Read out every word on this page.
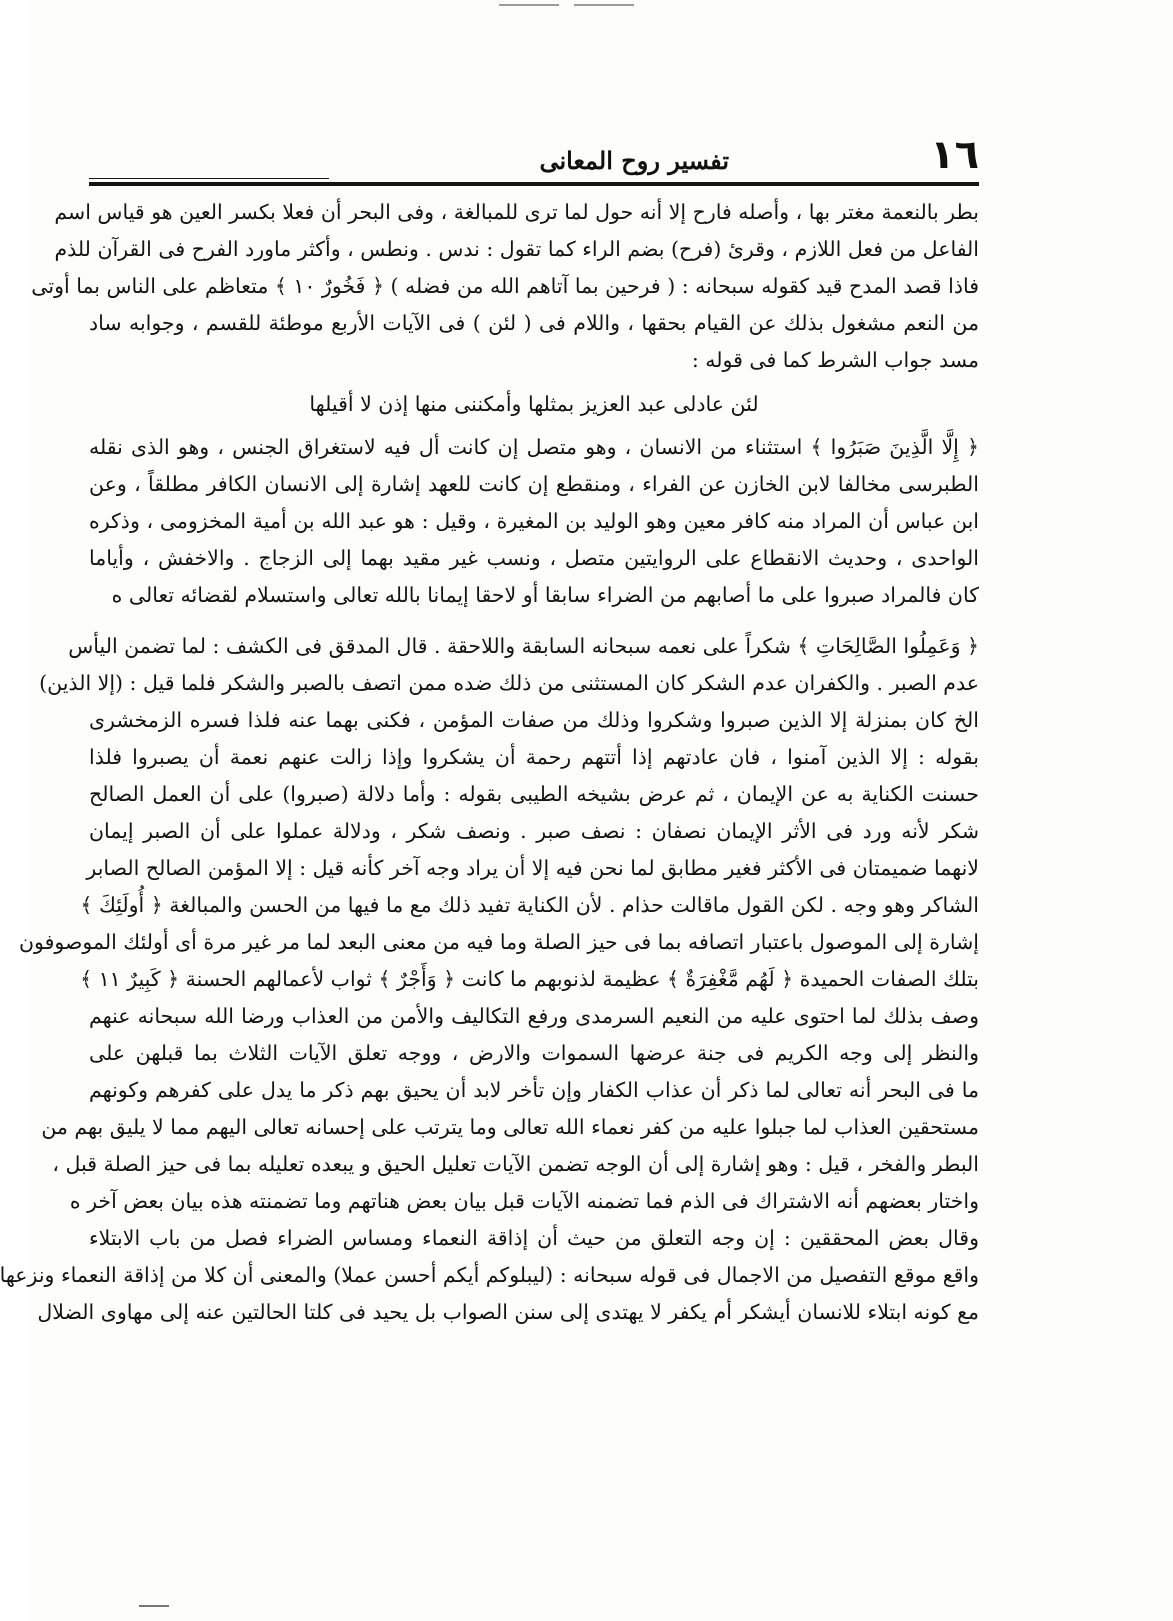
١٦
تفسير روح المعانى
بطر بالنعمة مغتر بها ، وأصله فارح إلا أنه حول لما ترى للمبالغة ، وفى البحر أن فعلا بكسر العين هو قياس اسم
الفاعل من فعل اللازم ، وقرئ (فرح) بضم الراء كما تقول : ندس . ونطس ، وأكثر ماورد الفرح فى القرآن للذم
فاذا قصد المدح قيد كقوله سبحانه : ( فرحين بما آتاهم الله من فضله ) ﴿ فَخُورٌ ١٠ ﴾ متعاظم على الناس بما أوتى
من النعم مشغول بذلك عن القيام بحقها ، واللام فى ( لئن ) فى الآيات الأربع موطئة للقسم ، وجوابه ساد
مسد جواب الشرط كما فى قوله :
لئن عادلى عبد العزيز بمثلها وأمكننى منها إذن لا أقيلها
﴿ إِلَّا الَّذِينَ صَبَرُوا ﴾ استثناء من الانسان ، وهو متصل إن كانت أل فيه لاستغراق الجنس ، وهو الذى نقله
الطبرسى مخالفا لابن الخازن عن الفراء ، ومنقطع إن كانت للعهد إشارة إلى الانسان الكافر مطلقاً ، وعن
ابن عباس أن المراد منه كافر معين وهو الوليد بن المغيرة ، وقيل : هو عبد الله بن أمية المخزومى ، وذكره
الواحدى ، وحديث الانقطاع على الروايتين متصل ، ونسب غير مقيد بهما إلى الزجاج . والاخفش ، وأياما
كان فالمراد صبروا على ما أصابهم من الضراء سابقا أو لاحقا إيمانا بالله تعالى واستسلام لقضائه تعالى ه
﴿ وَعَمِلُوا الصَّالِحَاتِ ﴾ شكراً على نعمه سبحانه السابقة واللاحقة . قال المدقق فى الكشف : لما تضمن اليأس
عدم الصبر . والكفران عدم الشكر كان المستثنى من ذلك ضده ممن اتصف بالصبر والشكر فلما قيل : (إلا الذين)
الخ كان بمنزلة إلا الذين صبروا وشكروا وذلك من صفات المؤمن ، فكنى بهما عنه فلذا فسره الزمخشرى
بقوله : إلا الذين آمنوا ، فان عادتهم إذا أتتهم رحمة أن يشكروا وإذا زالت عنهم نعمة أن يصبروا فلذا
حسنت الكناية به عن الإيمان ، ثم عرض بشيخه الطيبى بقوله : وأما دلالة (صبروا) على أن العمل الصالح
شكر لأنه ورد فى الأثر الإيمان نصفان : نصف صبر . ونصف شكر ، ودلالة عملوا على أن الصبر إيمان
لانهما ضميمتان فى الأكثر فغير مطابق لما نحن فيه إلا أن يراد وجه آخر كأنه قيل : إلا المؤمن الصالح الصابر
الشاكر وهو وجه . لكن القول ماقالت حذام . لأن الكناية تفيد ذلك مع ما فيها من الحسن والمبالغة ﴿ أُولَئِكَ ﴾
إشارة إلى الموصول باعتبار اتصافه بما فى حيز الصلة وما فيه من معنى البعد لما مر غير مرة أى أولئك الموصوفون
بتلك الصفات الحميدة ﴿ لَهُم مَّغْفِرَةٌ ﴾ عظيمة لذنوبهم ما كانت ﴿ وَأَجْرٌ ﴾ ثواب لأعمالهم الحسنة ﴿ كَبِيرٌ ١١ ﴾
وصف بذلك لما احتوى عليه من النعيم السرمدى ورفع التكاليف والأمن من العذاب ورضا الله سبحانه عنهم
والنظر إلى وجه الكريم فى جنة عرضها السموات والارض ، ووجه تعلق الآيات الثلاث بما قبلهن على
ما فى البحر أنه تعالى لما ذكر أن عذاب الكفار وإن تأخر لابد أن يحيق بهم ذكر ما يدل على كفرهم وكونهم
مستحقين العذاب لما جبلوا عليه من كفر نعماء الله تعالى وما يترتب على إحسانه تعالى اليهم مما لا يليق بهم من
البطر والفخر ، قيل : وهو إشارة إلى أن الوجه تضمن الآيات تعليل الحيق و يبعده تعليله بما فى حيز الصلة قبل ،
واختار بعضهم أنه الاشتراك فى الذم فما تضمنه الآيات قبل بيان بعض هناتهم وما تضمنته هذه بيان بعض آخر ه
وقال بعض المحققين : إن وجه التعلق من حيث أن إذاقة النعماء ومساس الضراء فصل من باب الابتلاء
واقع موقع التفصيل من الاجمال فى قوله سبحانه : (ليبلوكم أيكم أحسن عملا) والمعنى أن كلا من إذاقة النعماء ونزعها
مع كونه ابتلاء للانسان أيشكر أم يكفر لا يهتدى إلى سنن الصواب بل يحيد فى كلتا الحالتين عنه إلى مهاوى الضلال
